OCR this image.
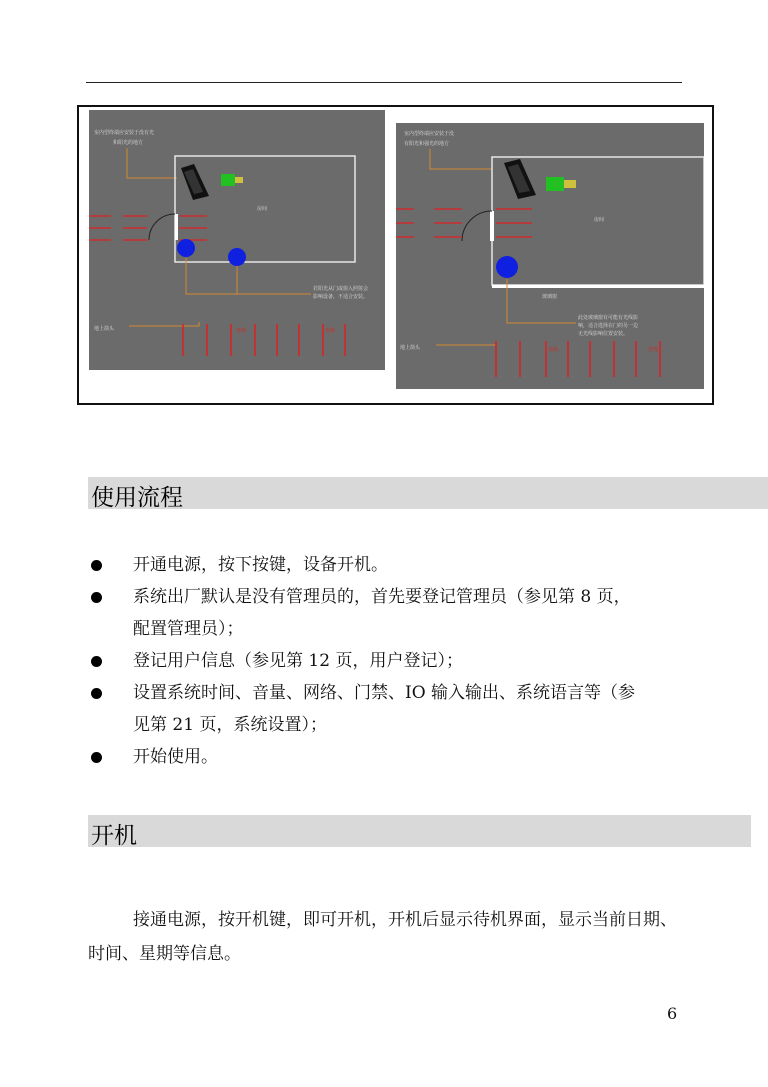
室内型终端应安装于没有光
和阳光的地方
房间
若阳光从门或窗入照射会
影响设备，不适合安装。
地上箭头	光线	光线
室内型终端应安装于没
有阳光和强光的地方
房间
玻璃窗
此处玻璃窗有可能有光线影
响，适合选择在门的另一边
无光线影响位置安装。
地上箭头	光线	光线
使用流程
开通电源，按下按键，设备开机。
系统出厂默认是没有管理员的，首先要登记管理员（参见第 8 页，
配置管理员）；
登记用户信息（参见第 12 页，用户登记）；
设置系统时间、音量、网络、门禁、IO 输入输出、系统语言等（参
见第 21 页，系统设置）；
开始使用。
开机

接通电源，按开机键，即可开机，开机后显示待机界面，显示当前日期、时间、星期等信息。

6
